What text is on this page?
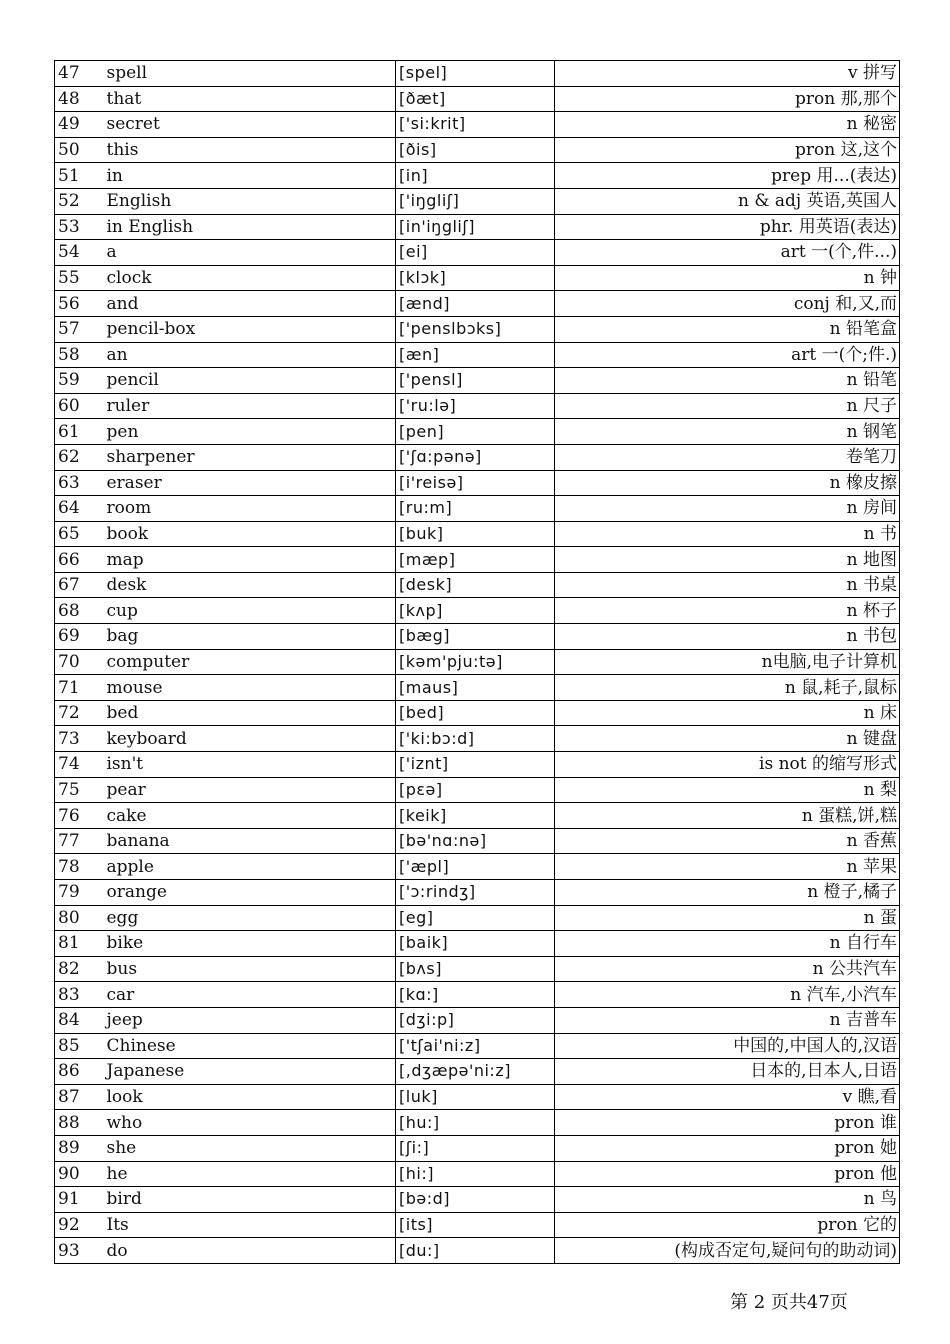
47	spell	[spel]	v 拼写
48	that	[ðæt]	pron 那,那个
49	secret	['si:krit]	n 秘密
50	this	[ðis]	pron 这,这个
51	in	[in]	prep 用...(表达)
52	English	['iŋgliʃ]	n & adj 英语,英国人
53	in English	[in'iŋgliʃ]	phr. 用英语(表达)
54	a	[ei]	art 一(个,件...)
55	clock	[klɔk]	n 钟
56	and	[ænd]	conj 和,又,而
57	pencil-box	['penslbɔks]	n 铅笔盒
58	an	[æn]	art 一(个;件.)
59	pencil	['pensl]	n 铅笔
60	ruler	['ru:lə]	n 尺子
61	pen	[pen]	n 钢笔
62	sharpener	['ʃɑ:pənə]	卷笔刀
63	eraser	[i'reisə]	n 橡皮擦
64	room	[ru:m]	n 房间
65	book	[buk]	n 书
66	map	[mæp]	n 地图
67	desk	[desk]	n 书桌
68	cup	[kʌp]	n 杯子
69	bag	[bæg]	n 书包
70	computer	[kəm'pju:tə]	n电脑,电子计算机
71	mouse	[maus]	n 鼠,耗子,鼠标
72	bed	[bed]	n 床
73	keyboard	['ki:bɔ:d]	n 键盘
74	isn't	['iznt]	is not 的缩写形式
75	pear	[pɛə]	n 梨
76	cake	[keik]	n 蛋糕,饼,糕
77	banana	[bə'nɑ:nə]	n 香蕉
78	apple	['æpl]	n 苹果
79	orange	['ɔ:rindʒ]	n 橙子,橘子
80	egg	[eg]	n 蛋
81	bike	[baik]	n 自行车
82	bus	[bʌs]	n 公共汽车
83	car	[kɑ:]	n 汽车,小汽车
84	jeep	[dʒi:p]	n 吉普车
85	Chinese	['tʃai'ni:z]	中国的,中国人的,汉语
86	Japanese	[,dʒæpə'ni:z]	日本的,日本人,日语
87	look	[luk]	v 瞧,看
88	who	[hu:]	pron 谁
89	she	[ʃi:]	pron 她
90	he	[hi:]	pron 他
91	bird	[bə:d]	n 鸟
92	Its	[its]	pron 它的
93	do	[du:]	(构成否定句,疑问句的助动词)
第 2 页共47页
